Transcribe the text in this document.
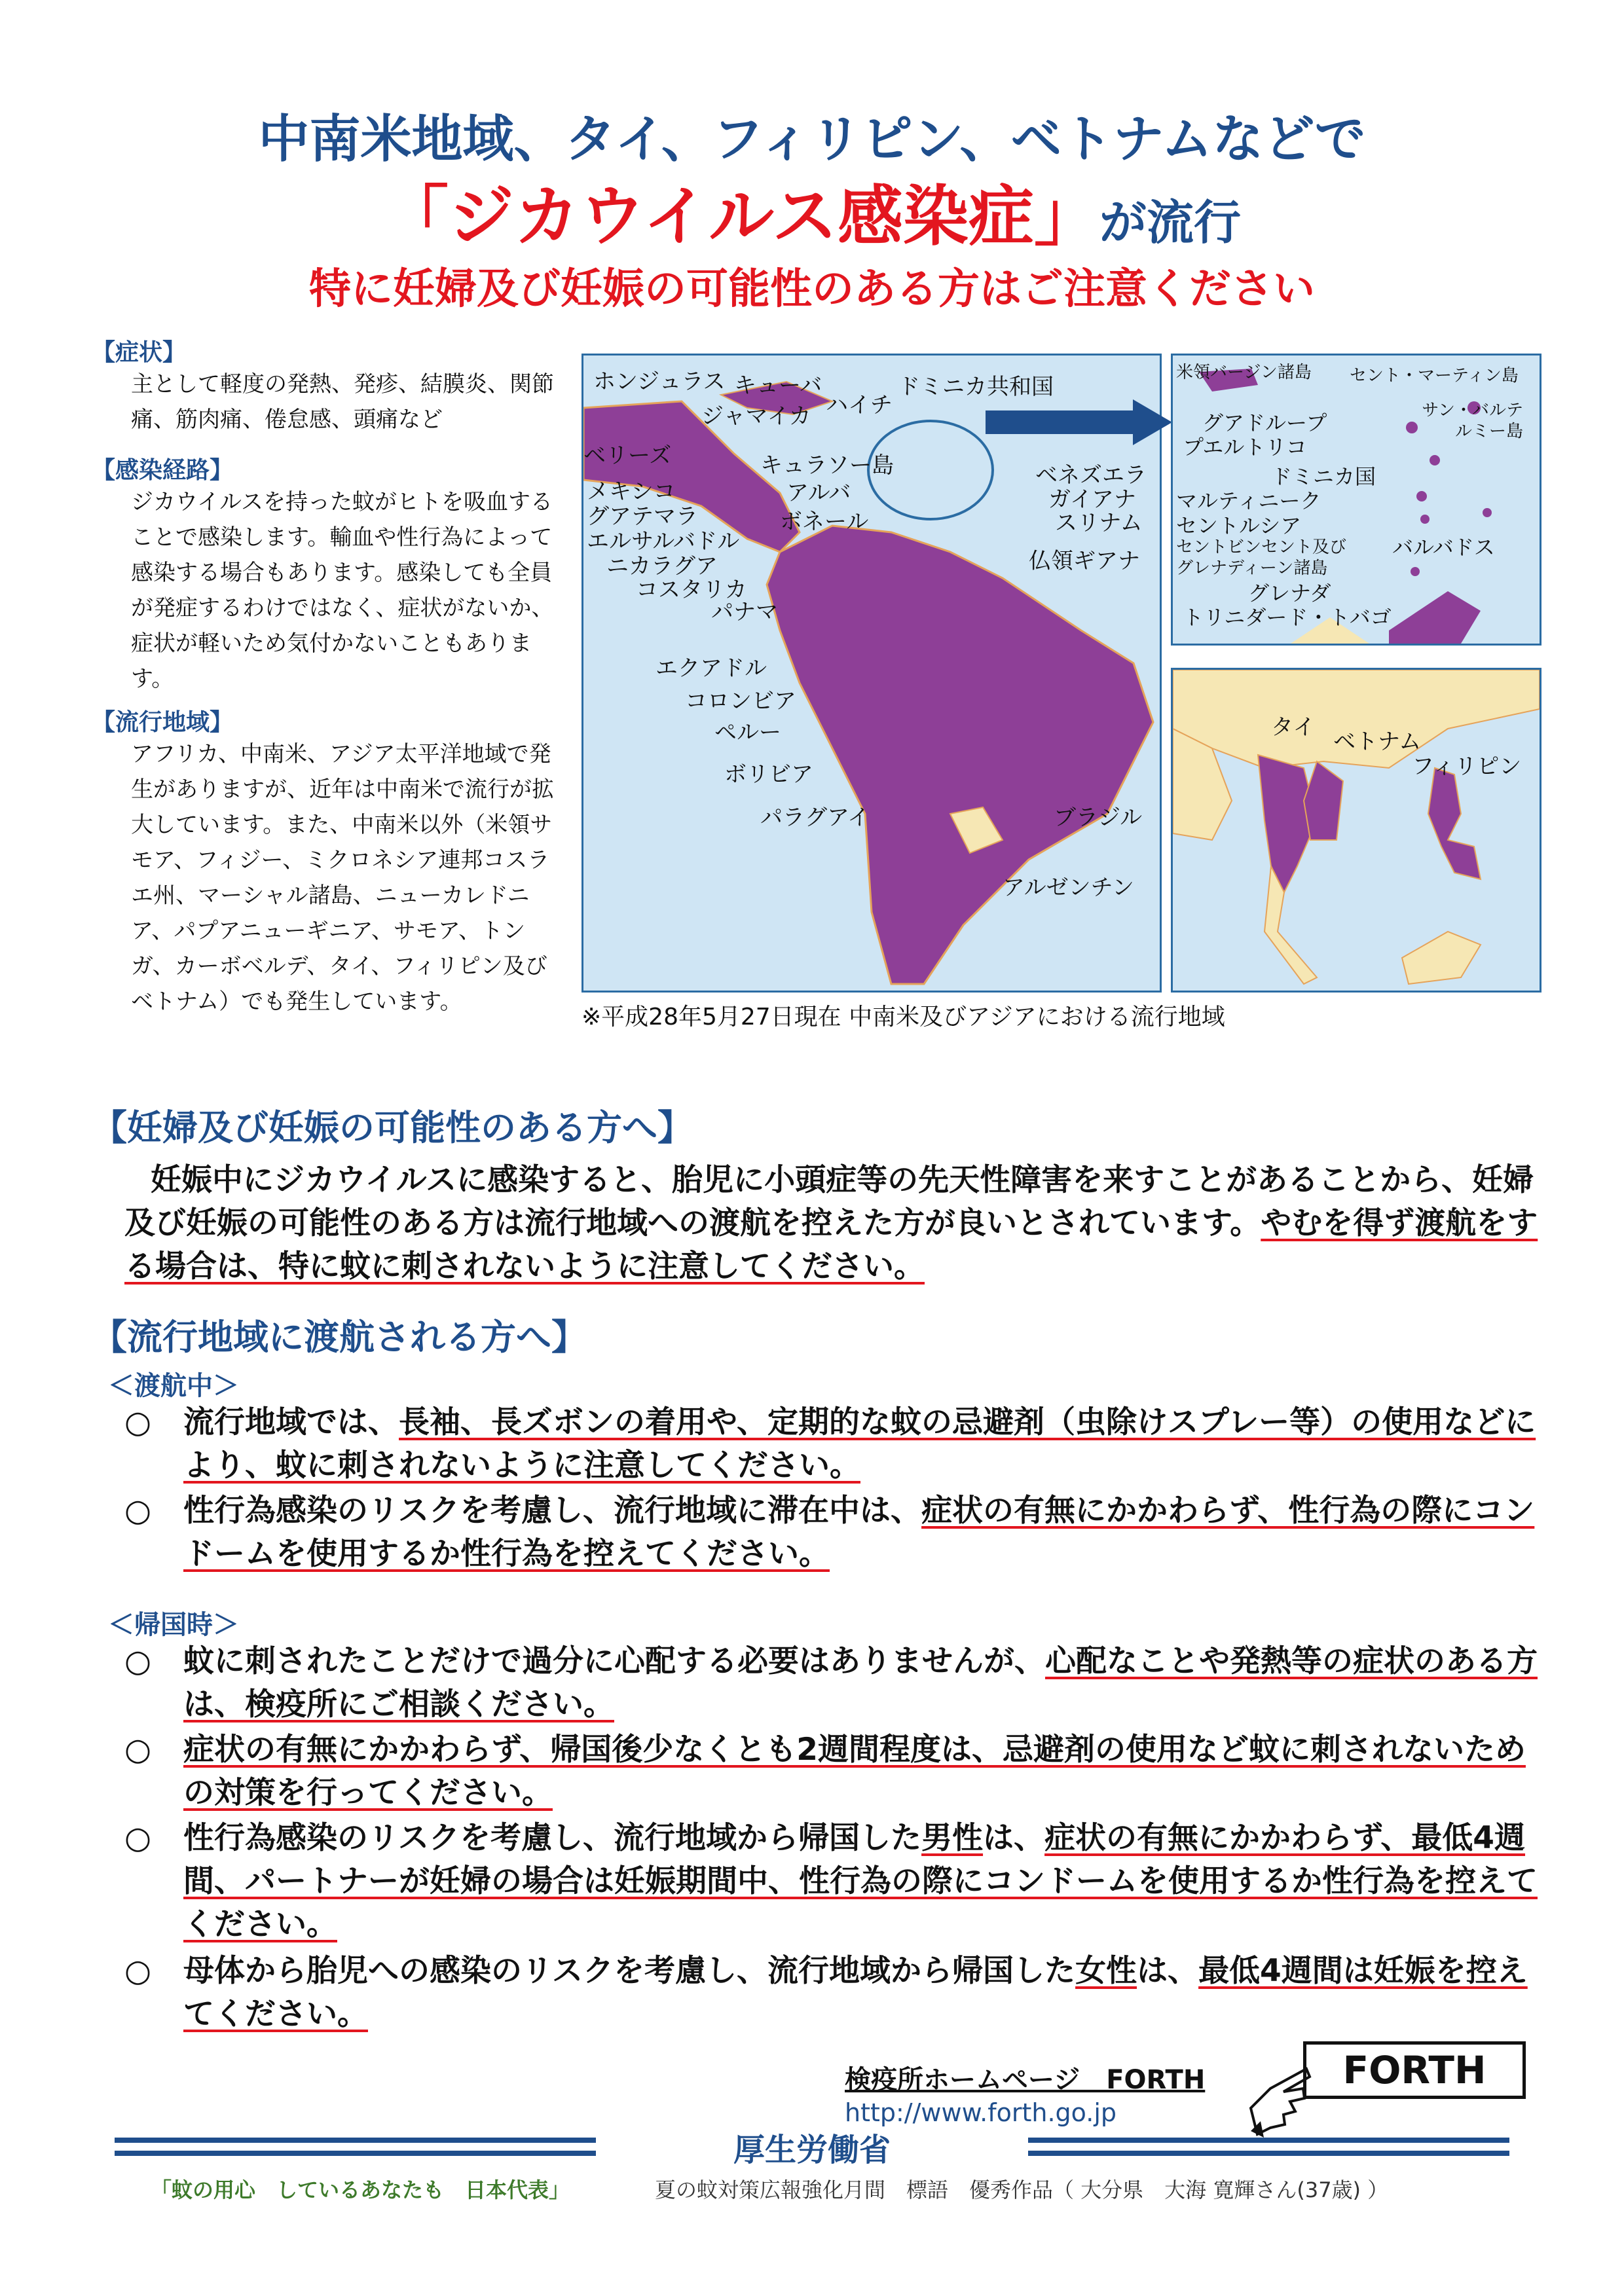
中南米地域、タイ、フィリピン、ベトナムなどで
「ジカウイルス感染症」が流行
特に妊婦及び妊娠の可能性のある方はご注意ください
【症状】
主として軽度の発熱、発疹、結膜炎、関節痛、筋肉痛、倦怠感、頭痛など
【感染経路】
ジカウイルスを持った蚊がヒトを吸血することで感染します。輸血や性行為によって感染する場合もあります。感染しても全員が発症するわけではなく、症状がないか、症状が軽いため気付かないこともあります。
【流行地域】
アフリカ、中南米、アジア太平洋地域で発生がありますが、近年は中南米で流行が拡大しています。また、中南米以外（米領サモア、フィジー、ミクロネシア連邦コスラエ州、マーシャル諸島、ニューカレドニア、パプアニューギニア、サモア、トンガ、カーボベルデ、タイ、フィリピン及びベトナム）でも発生しています。
ホンジュラス キューバ
ジャマイカ ハイチ
ドミニカ共和国
ベリーズ	キュラソー島
アルバ
メキシコ
グアテマラ
エルサルバドル
ボネール
ニカラグア
コスタリカ
パナマ
ベネズエラ
ガイアナ
スリナム
仏領ギアナ
エクアドル
コロンビア
ペルー
ボリビア
パラグアイ	ブラジル
アルゼンチン
米領バージン諸島 セント・マーティン島
グアドループ
プエルトリコ
サン・バルテルミー島
ドミニカ国
マルティニーク
セントルシア
セントビンセント及び
グレナディーン諸島
バルバドス
グレナダ
トリニダード・トバゴ
タイ
ベトナム
フィリピン
※平成28年5月27日現在 中南米及びアジアにおける流行地域
【妊婦及び妊娠の可能性のある方へ】
妊娠中にジカウイルスに感染すると、胎児に小頭症等の先天性障害を来すことがあることから、妊婦及び妊娠の可能性のある方は流行地域への渡航を控えた方が良いとされています。やむを得ず渡航をする場合は、特に蚊に刺されないように注意してください。
【流行地域に渡航される方へ】
＜渡航中＞
○ 流行地域では、長袖、長ズボンの着用や、定期的な蚊の忌避剤（虫除けスプレー等）の使用などにより、蚊に刺されないように注意してください。
○ 性行為感染のリスクを考慮し、流行地域に滞在中は、症状の有無にかかわらず、性行為の際にコンドームを使用するか性行為を控えてください。
＜帰国時＞
○ 蚊に刺されたことだけで過分に心配する必要はありませんが、心配なことや発熱等の症状のある方は、検疫所にご相談ください。
○ 症状の有無にかかわらず、帰国後少なくとも2週間程度は、忌避剤の使用など蚊に刺されないための対策を行ってください。
○ 性行為感染のリスクを考慮し、流行地域から帰国した男性は、症状の有無にかかわらず、最低4週間、パートナーが妊婦の場合は妊娠期間中、性行為の際にコンドームを使用するか性行為を控えてください。
○ 母体から胎児への感染のリスクを考慮し、流行地域から帰国した女性は、最低4週間は妊娠を控えてください。
検疫所ホームページ　FORTH
http://www.forth.go.jp
FORTH
厚生労働省
「蚊の用心　しているあなたも　日本代表」	夏の蚊対策広報強化月間　標語　優秀作品（ 大分県　大海 寛輝さん(37歳) ）
